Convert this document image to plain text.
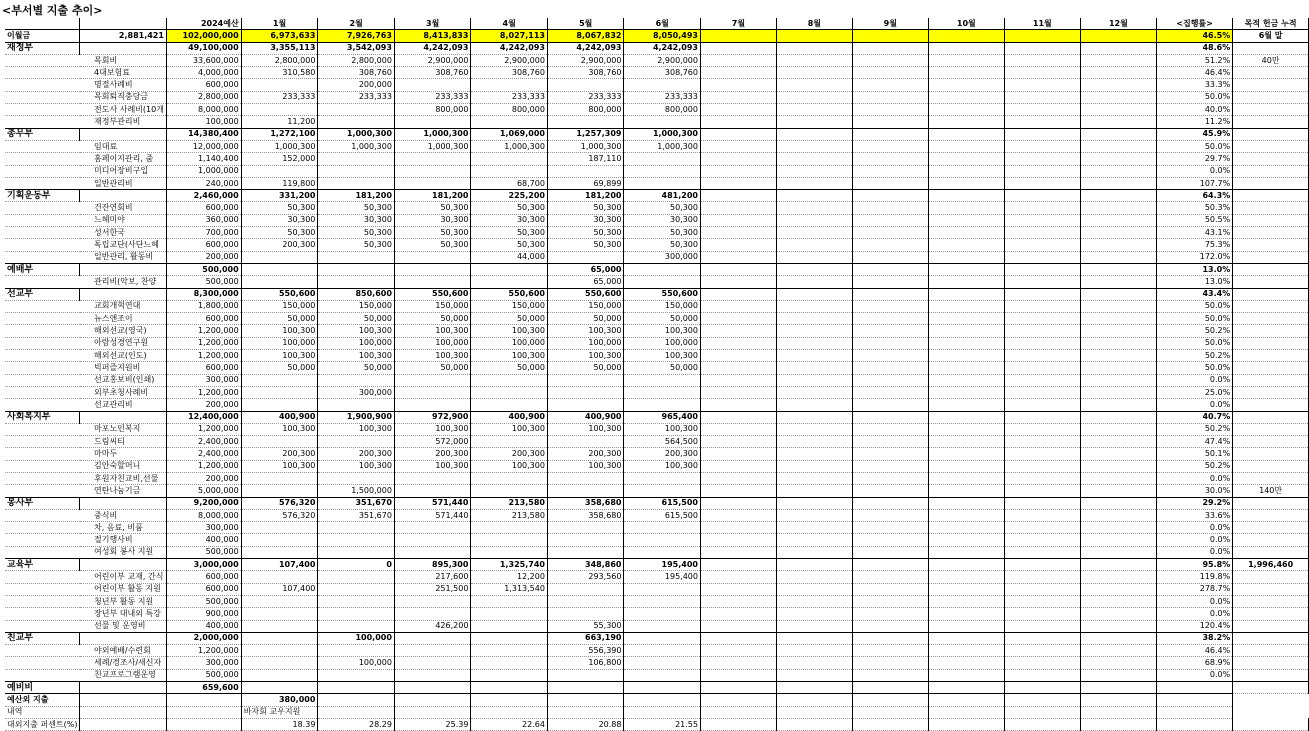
<부서별 지출 추이>
		2024예산	1월	2월	3월	4월	5월	6월	7월	8월	9월	10월	11월	12월	<집행률>	목적 헌금 누적
이월금	2,881,421	102,000,000	6,973,633	7,926,763	8,413,833	8,027,113	8,067,832	8,050,493							46.5%	6월 말
재정부		49,100,000	3,355,113	3,542,093	4,242,093	4,242,093	4,242,093	4,242,093							48.6%	
	목회비	33,600,000	2,800,000	2,800,000	2,900,000	2,900,000	2,900,000	2,900,000							51.2%	40만
	4대보험료	4,000,000	310,580	308,760	308,760	308,760	308,760	308,760							46.4%	
	명절사례비	600,000		200,000											33.3%	
	목회퇴직충당금	2,800,000	233,333	233,333	233,333	233,333	233,333	233,333							50.0%	
	전도사 사례비(10개	8,000,000			800,000	800,000	800,000	800,000							40.0%	
	재정부관리비	100,000	11,200												11.2%	
총무부		14,380,400	1,272,100	1,000,300	1,000,300	1,069,000	1,257,309	1,000,300							45.9%	
	임대료	12,000,000	1,000,300	1,000,300	1,000,300	1,000,300	1,000,300	1,000,300							50.0%	
	홈페이지관리, 줌	1,140,400	152,000				187,110								29.7%	
	미디어장비구입	1,000,000													0.0%	
	일반관리비	240,000	119,800			68,700	69,899								107.7%	
기획운동부		2,460,000	331,200	181,200	181,200	225,200	181,200	481,200							64.3%	
	건잔연회비	600,000	50,300	50,300	50,300	50,300	50,300	50,300							50.3%	
	느헤미야	360,000	30,300	30,300	30,300	30,300	30,300	30,300							50.5%	
	성서한국	700,000	50,300	50,300	50,300	50,300	50,300	50,300							43.1%	
	독립교단(사단느헤	600,000	200,300	50,300	50,300	50,300	50,300	50,300							75.3%	
	일반관리, 활동비	200,000				44,000		300,000							172.0%	
예배부		500,000					65,000								13.0%	
	관리비(악보, 찬양	500,000					65,000								13.0%	
선교부		8,300,000	550,600	850,600	550,600	550,600	550,600	550,600							43.4%	
	교회개혁연대	1,800,000	150,000	150,000	150,000	150,000	150,000	150,000							50.0%	
	뉴스앤조이	600,000	50,000	50,000	50,000	50,000	50,000	50,000							50.0%	
	해외선교(영국)	1,200,000	100,300	100,300	100,300	100,300	100,300	100,300							50.2%	
	아람성경연구원	1,200,000	100,000	100,000	100,000	100,000	100,000	100,000							50.0%	
	해외선교(인도)	1,200,000	100,300	100,300	100,300	100,300	100,300	100,300							50.2%	
	빅퍼즐지원비	600,000	50,000	50,000	50,000	50,000	50,000	50,000							50.0%	
	선교홍보비(인쇄)	300,000													0.0%	
	외부초청사례비	1,200,000		300,000											25.0%	
	선교관리비	200,000													0.0%	
사회복지부		12,400,000	400,900	1,900,900	972,900	400,900	400,900	965,400							40.7%	
	마포노인복지	1,200,000	100,300	100,300	100,300	100,300	100,300	100,300							50.2%	
	드림씨티	2,400,000			572,000			564,500							47.4%	
	마마두	2,400,000	200,300	200,300	200,300	200,300	200,300	200,300							50.1%	
	김안숙할머니	1,200,000	100,300	100,300	100,300	100,300	100,300	100,300							50.2%	
	후원자친교비,선물	200,000													0.0%	
	연탄나눔기금	5,000,000		1,500,000											30.0%	140만
봉사부		9,200,000	576,320	351,670	571,440	213,580	358,680	615,500							29.2%	
	중식비	8,000,000	576,320	351,670	571,440	213,580	358,680	615,500							33.6%	
	차, 음료, 비품	300,000													0.0%	
	절기행사비	400,000													0.0%	
	여성회 봉사 지원	500,000													0.0%	
교육부		3,000,000	107,400	0	895,300	1,325,740	348,860	195,400							95.8%	1,996,460
	어린이부 교재, 간식	600,000			217,600	12,200	293,560	195,400							119.8%	
	어린이부 활동 지원	600,000	107,400		251,500	1,313,540									278.7%	
	청년부 활동 지원	500,000													0.0%	
	장년부 대내외 특강	900,000													0.0%	
	선물 및 운영비	400,000			426,200		55,300								120.4%	
친교부		2,000,000		100,000			663,190								38.2%	
	야외예배/수련회	1,200,000					556,390								46.4%	
	세례/경조사/새신자	300,000		100,000			106,800								68.9%	
	친교프로그램운영	500,000													0.0%	
예비비		659,600														
예산외 지출			380,000													
내역			바자회 교우지원													
대외지출 퍼센트(%)			18.39	28.29	25.39	22.64	20.88	21.55								
